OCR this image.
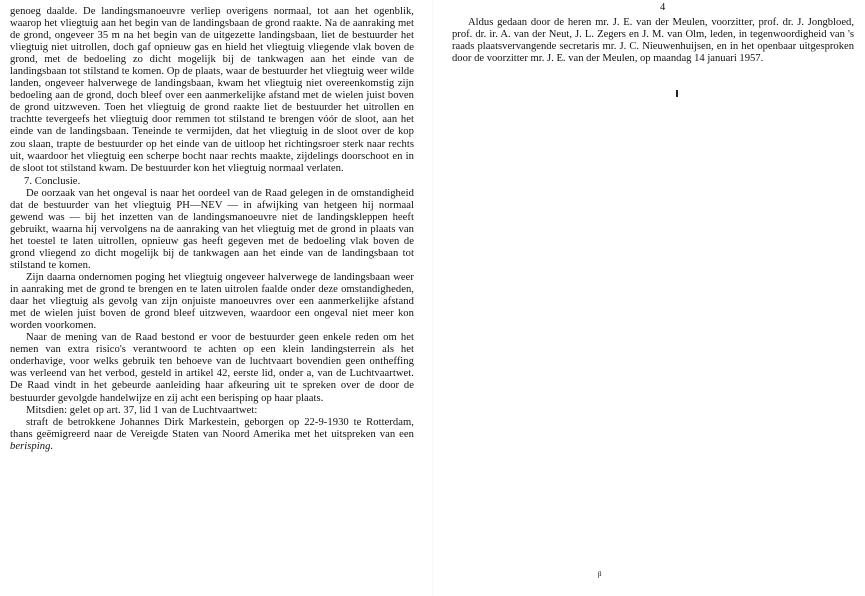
genoeg daalde. De landingsmanoeuvre verliep overigens normaal, tot aan het ogenblik, waarop het vliegtuig aan het begin van de landingsbaan de grond raakte. Na de aanraking met de grond, ongeveer 35 m na het begin van de uitgezette landingsbaan, liet de bestuurder het vliegtuig niet uitrollen, doch gaf opnieuw gas en hield het vliegtuig vliegende vlak boven de grond, met de bedoeling zo dicht mogelijk bij de tankwagen aan het einde van de landingsbaan tot stilstand te komen. Op de plaats, waar de bestuurder het vliegtuig weer wilde landen, ongeveer halverwege de landingsbaan, kwam het vliegtuig niet overeenkomstig zijn bedoeling aan de grond, doch bleef over een aanmerkelijke afstand met de wielen juist boven de grond uitzweven. Toen het vliegtuig de grond raakte liet de bestuurder het uitrollen en trachtte tevergeefs het vliegtuig door remmen tot stilstand te brengen vóór de sloot, aan het einde van de landingsbaan. Teneinde te vermijden, dat het vliegtuig in de sloot over de kop zou slaan, trapte de bestuurder op het einde van de uitloop het richtingsroer sterk naar rechts uit, waardoor het vliegtuig een scherpe bocht naar rechts maakte, zijdelings doorschoot en in de sloot tot stilstand kwam. De bestuurder kon het vliegtuig normaal verlaten.

7. Conclusie.

De oorzaak van het ongeval is naar het oordeel van de Raad gelegen in de omstandigheid dat de bestuurder van het vliegtuig PH—NEV — in afwijking van hetgeen hij normaal gewend was — bij het inzetten van de landingsmanoeuvre niet de landingskleppen heeft gebruikt, waarna hij vervolgens na de aanraking van het vliegtuig met de grond in plaats van het toestel te laten uitrollen, opnieuw gas heeft gegeven met de bedoeling vlak boven de grond vliegend zo dicht mogelijk bij de tankwagen aan het einde van de landingsbaan tot stilstand te komen.

Zijn daarna ondernomen poging het vliegtuig ongeveer halverwege de landingsbaan weer in aanraking met de grond te brengen en te laten uitrolen faalde onder deze omstandigheden, daar het vliegtuig als gevolg van zijn onjuiste manoeuvres over een aanmerkelijke afstand met de wielen juist boven de grond bleef uitzweven, waardoor een ongeval niet meer kon worden voorkomen.

Naar de mening van de Raad bestond er voor de bestuurder geen enkele reden om het nemen van extra risico's verantwoord te achten op een klein landingsterrein als het onderhavige, voor welks gebruik ten behoeve van de luchtvaart bovendien geen ontheffing was verleend van het verbod, gesteld in artikel 42, eerste lid, onder a, van de Luchtvaartwet. De Raad vindt in het gebeurde aanleiding haar afkeuring uit te spreken over de door de bestuurder gevolgde handelwijze en zij acht een berisping op haar plaats.

Mitsdien: gelet op art. 37, lid 1 van de Luchtvaartwet:

straft de betrokkene Johannes Dirk Markestein, geborgen op 22-9-1930 te Rotterdam, thans geëmigreerd naar de Vereigde Staten van Noord Amerika met het uitspreken van een berisping.

4

Aldus gedaan door de heren mr. J. E. van der Meulen, voorzitter, prof. dr. J. Jongbloed, prof. dr. ir. A. van der Neut, J. L. Zegers en J. M. van Olm, leden, in tegenwoordigheid van 's raads plaatsvervangende secretaris mr. J. C. Nieuwenhuijsen, en in het openbaar uitgesproken door de voorzitter mr. J. E. van der Meulen, op maandag 14 januari 1957.

ᵦ
